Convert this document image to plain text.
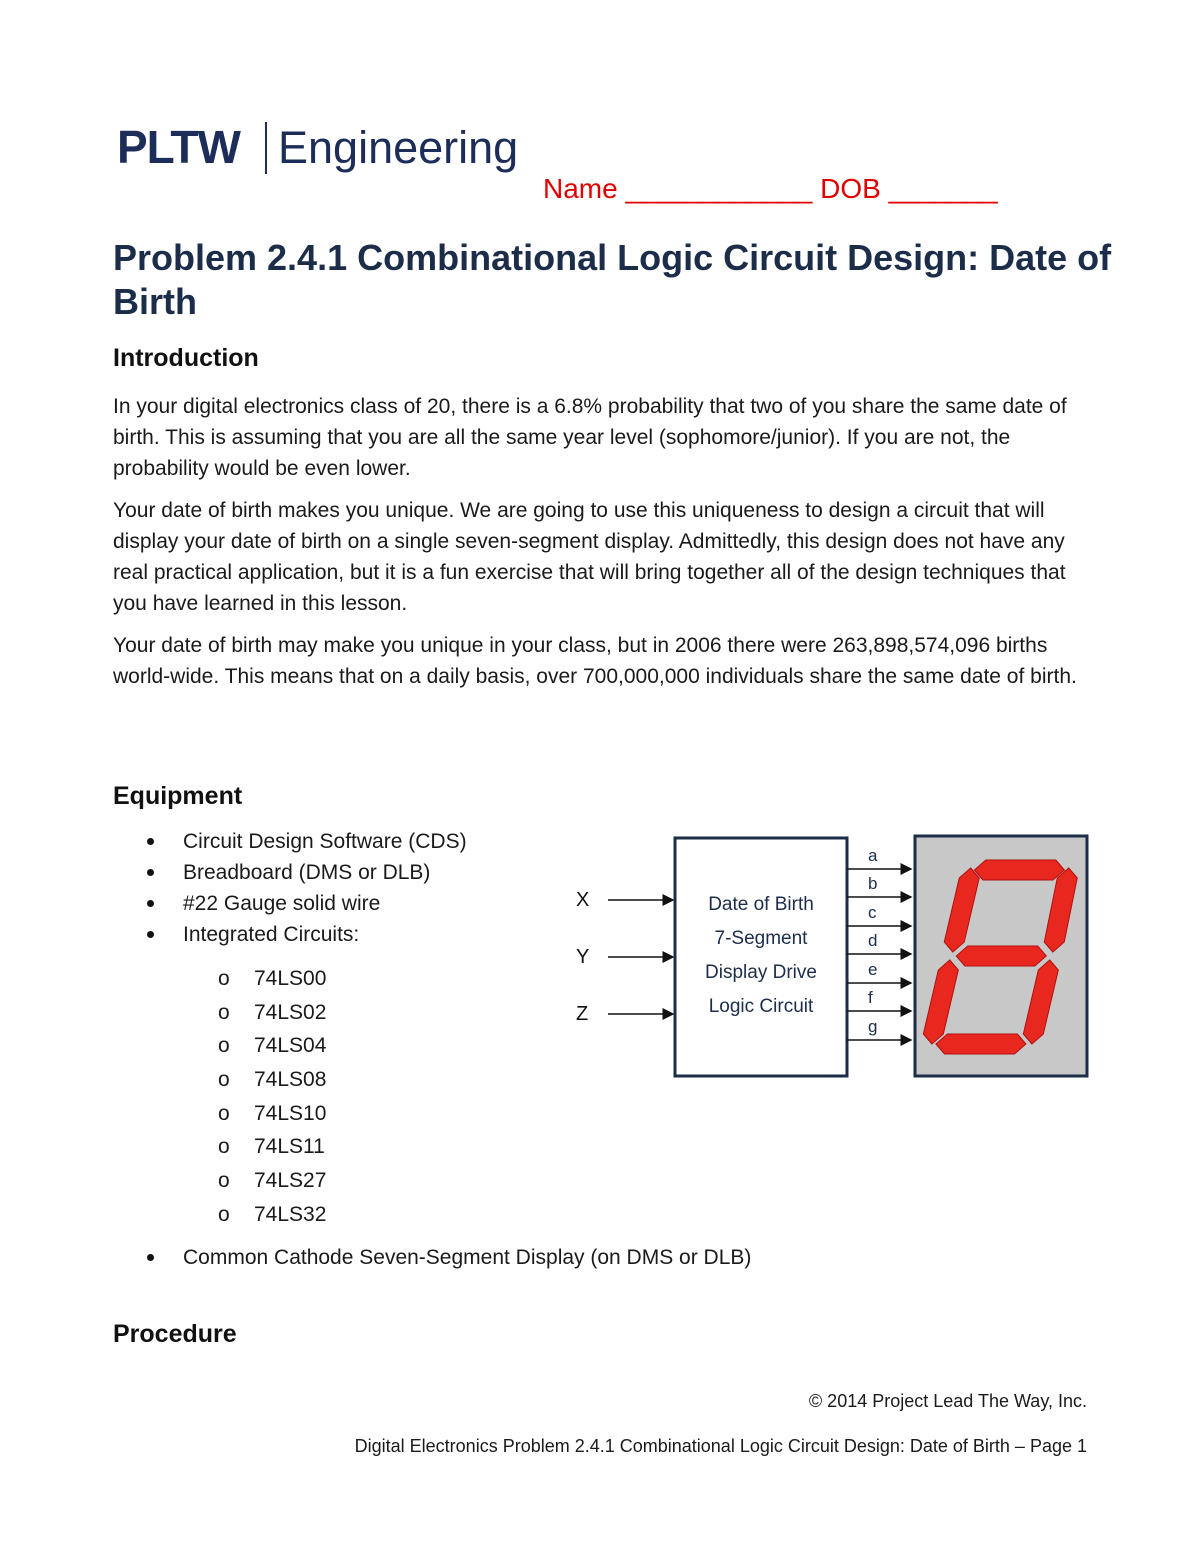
PLTW Engineering
Name ____________ DOB _______
Problem 2.4.1 Combinational Logic Circuit Design: Date of Birth
Introduction

In your digital electronics class of 20, there is a 6.8% probability that two of you share the same date of birth. This is assuming that you are all the same year level (sophomore/junior). If you are not, the probability would be even lower.

Your date of birth makes you unique. We are going to use this uniqueness to design a circuit that will display your date of birth on a single seven-segment display. Admittedly, this design does not have any real practical application, but it is a fun exercise that will bring together all of the design techniques that you have learned in this lesson.

Your date of birth may make you unique in your class, but in 2006 there were 263,898,574,096 births world-wide. This means that on a daily basis, over 700,000,000 individuals share the same date of birth.

Equipment
Circuit Design Software (CDS)
Breadboard (DMS or DLB)
#22 Gauge solid wire
Integrated Circuits:
o 74LS00
o 74LS02
o 74LS04
o 74LS08
o 74LS10
o 74LS11
o 74LS27
o 74LS32
Common Cathode Seven-Segment Display (on DMS or DLB)
X
Y
Z
Date of Birth
7-Segment
Display Drive
Logic Circuit
a
b
c
d
e
f
g
Procedure
© 2014 Project Lead The Way, Inc.
Digital Electronics Problem 2.4.1 Combinational Logic Circuit Design: Date of Birth – Page 1
